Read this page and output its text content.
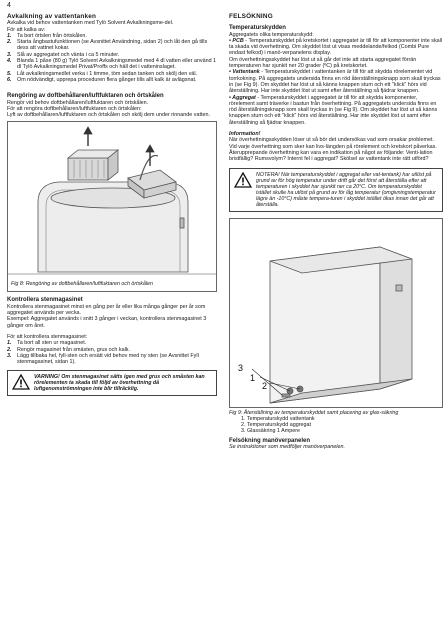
4
Avkalkning av vattentanken
Avkalka vid behov vattentanken med Tylö Solvent Avkalkningsme-del.
För att kalka av:
1.	Ta bort örtslen från örtskålen.
2.	Starta ångbastufunktionen (se Avsnittet Användning, sidan 2) och låt den gå tills dess att vattnet kokar.
3.	Slå av aggregatet och vänta i ca 5 minuter.
4.	Blanda 1 påse (80 g) Tylö Solvent Avkalkningsmedel med 4 dl vatten eller använd 1 dl Tylö Avkalkningsmedel Privat/Proffs och häll det i vatteninslaget.
5.	Låt avkalkningsmedlet verka i 1 timme, töm sedan tanken och skölj den väl.
6.	Om nödvändigt, upprepa proceduren flera gånger tills allt kalk är avlägsnat.
Rengöring av doftbehållaren/luftfuktaren och örtskålen
Rengör vid behov doftbehållaren/luftfuktaren och örtskålen.
För att rengöra doftbehållaren/luftfuktaren och örtskålen:
Lyft av doftbehållaren/luftfuktaren och örtskålen och skölj dem under rinnande vatten.
Fig 8: Rengöring av doftbehållaren/luftfuktaren och örtskålen
Kontrollera stenmagasinet
Kontrollera stenmagasinet minst en gång per år eller lika många gånger per år som aggregatet används per vecka.
Exempel: Aggregatet används i snitt 3 gånger i veckan, kontrollera stenmagasinet 3 gånger om året.
För att kontrollera stenmagasinet:
1.	Ta bort all sten ur magasinet.
2.	Rengör magasinet från smästen, grus och kalk.
3.	Lägg tillbaka hel, fyll-sten och ersätt vid behov med ny sten (se Avsnittet Fyll stenmagasinet, sidan 1).
VARNING! Om stenmagasinet sätts igen med grus och småsten kan rörelementen ta skada till följd av överhettning då luftgenomströmningen inte blir tillräcklig.
FELSÖKNING
Temperaturskydden
Aggregatets olika temperaturskydd:
• PCB - Temperaturskyddet på kretskortet i aggregatet är till för att komponenter inte skall ta skada vid överhettning. Om skyddet löst ut visas meddelande/felkod (Combi Pure endast felkod) i manö-verpanelens display.
Om överhettningsskyddet har löst ut så går det inte att starta aggregatet förrän temperaturen har sjunkit ner 20 grader (ºC) på kretskortet.
• Vattentank - Temperaturskyddet i vattentanken är till för att skydda rörelementet vid torrkokning. På aggregatets undersida finns en röd återställningsknapp som skall tryckas in (se Fig 9). Om skyddet har löst ut så känns knappen stum och ett "klick" hörs vid återställning. Har inte skyddet löst ut samt efter återställning så fjädrar knappen.
• Aggregat - Temperaturskyddet i aggregatet är till för att skydda komponenter, rörelement samt träverke i bastun från överhettning. På aggregatets undersida finns en röd återställningsknapp som skall tryckas in (se Fig 9). Om skyddet har löst ut så känns knappen stum och ett "klick" hörs vid återställning. Har inte skyddet löst ut samt efter återställning så fjädrar knappen.
Information!
När överhettningsskydden löser ut så bör det undersökas vad som orsakar problemet. Vid varje överhettning som sker kan livs-längden på rörelement och kretskort påverkas. Återupprepande överhettning kan vara en indikation på något av följande: Venti-lation bristfällig? Rumsvolym? Internt fel i aggregat? Skölsel av vattentank inte rätt utförd?
NOTERA! När temperaturskyddet i aggregat eller vat-tentank) har utlöst på grund av för hög temperatur under drift går det först att återställa efter att temperaturen i skyddet har sjunkit ner ca 20°C. Om temperaturskyddet istället skulle ha utlöst på grund av för låg temperatur (omgivningstemperatur lägre än -10°C) måste tempera-turen i skyddet istället ökas innan det går att återställa.
3
1
2
Fig 9: Återställning av temperaturskyddet samt placering av glas-säkring
1. Temperaturskydd vattentank
2. Temperaturskydd aggregat
3. Glassäkring 1 Ampere
Felsökning manöverpanelen
Se instruktioner som medföljer manöverpanelen.
